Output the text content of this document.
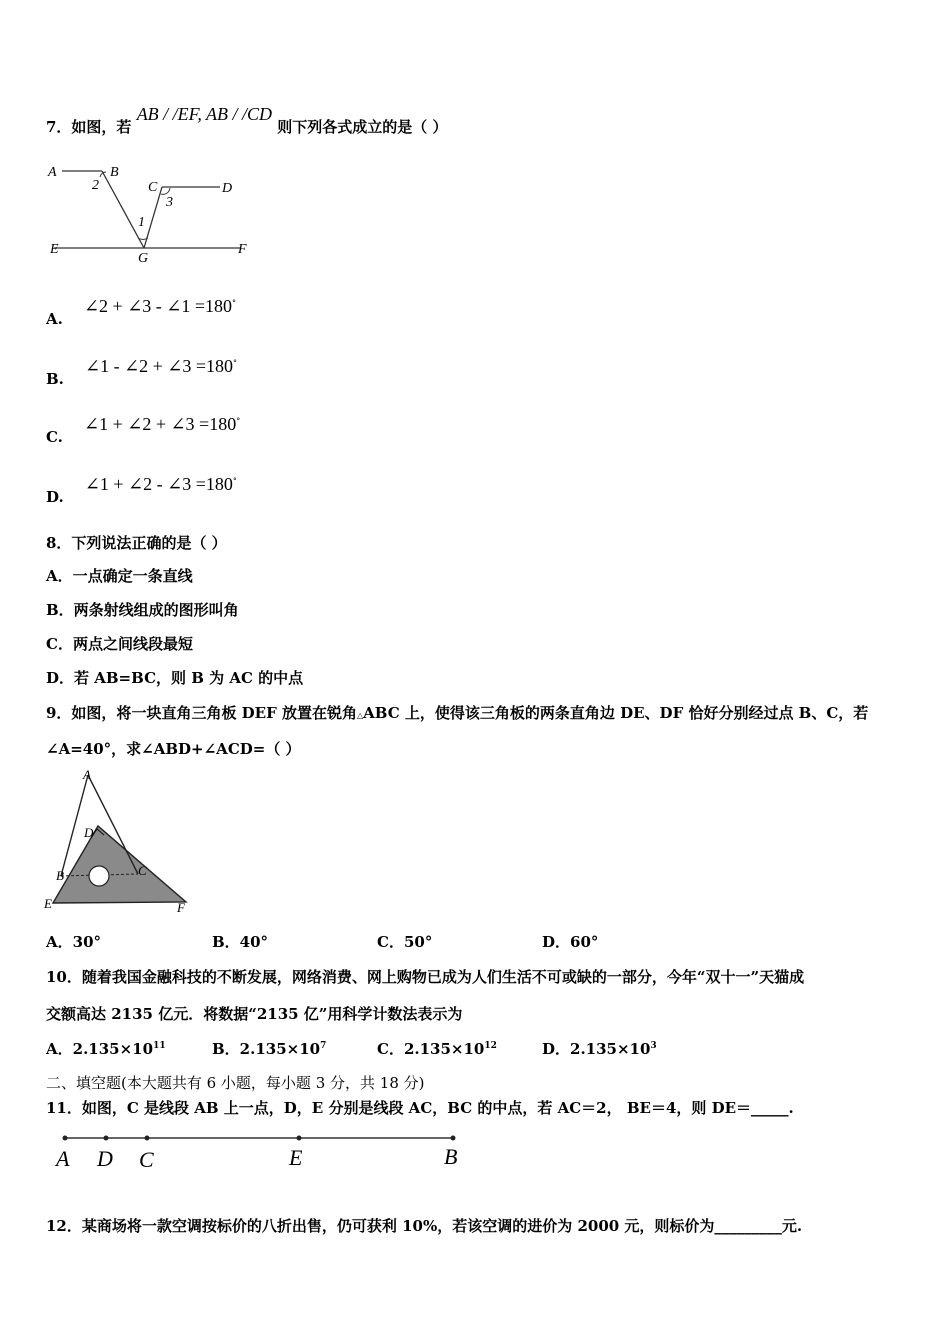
7．如图，若 AB / /EF, AB / /CD 则下列各式成立的是（ ）
A	B
2	C	D
3
1
E
G
F
A. ∠2 + ∠3 - ∠1 =180°
B. ∠1 - ∠2 + ∠3 =180°
C. ∠1 + ∠2 + ∠3 =180°
D. ∠1 + ∠2 - ∠3 =180°
8．下列说法正确的是（ ）
A．一点确定一条直线
B．两条射线组成的图形叫角
C．两点之间线段最短
D．若 AB=BC，则 B 为 AC 的中点
9．如图，将一块直角三角板 DEF 放置在锐角△ABC 上，使得该三角板的两条直角边 DE、DF 恰好分别经过点 B、C，若
∠A=40°，求∠ABD+∠ACD=（ ）
A
D
B	C
E	F
A．30°	B．40°	C．50°	D．60°
10．随着我国金融科技的不断发展，网络消费、网上购物已成为人们生活不可或缺的一部分，今年“双十一”天猫成
交额高达 2135 亿元．将数据“2135 亿”用科学计数法表示为
A．$2.135\times 10^{11}$	B．$2.135\times 10^7$	C．$2.135\times 10^{12}$	D．$2.135\times 10^3$
二、填空题(本大题共有 6 小题，每小题 3 分，共 18 分)
11．如图，C 是线段 AB 上一点，D，E 分别是线段 AC，BC 的中点，若 AC＝2， BE＝4，则 DE＝_____.
A D C	E	B
12．某商场将一款空调按标价的八折出售，仍可获利 10%，若该空调的进价为 2000 元，则标价为_________元.
